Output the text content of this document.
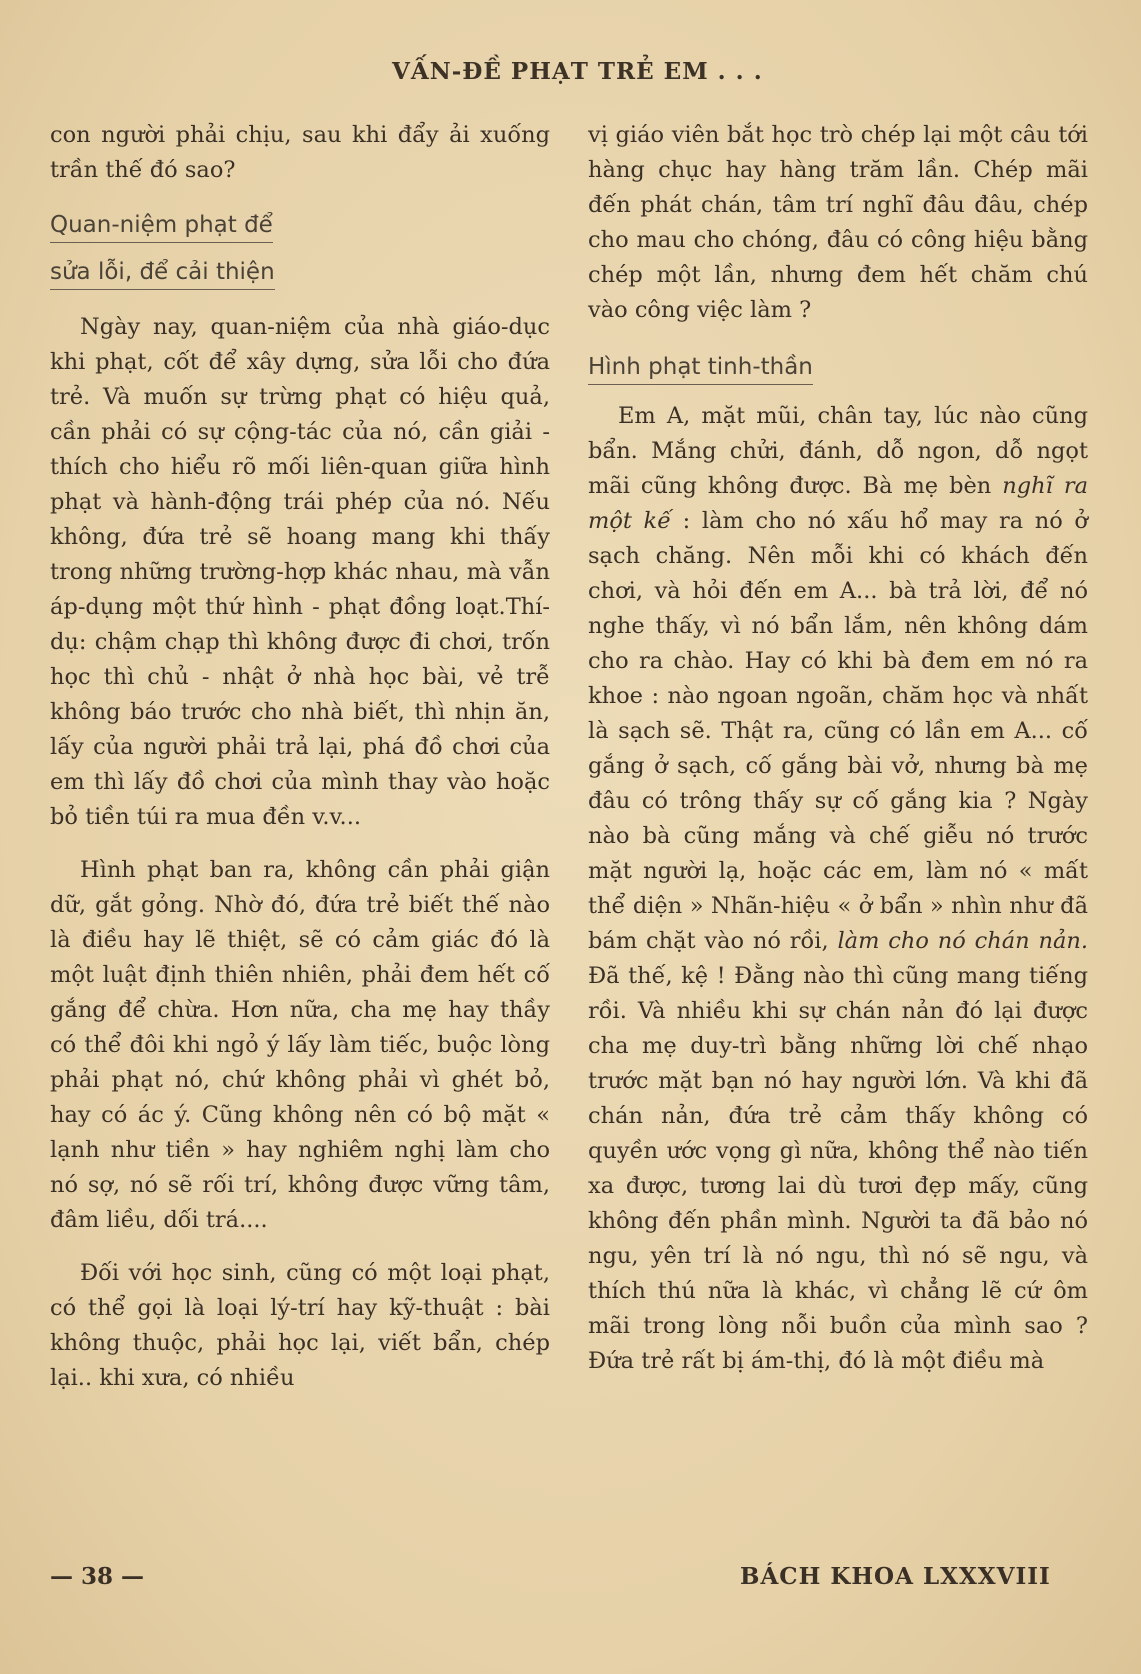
VẤN-ĐỀ PHẠT TRẺ EM . . .

con người phải chịu, sau khi đẩy ải xuống trần thế đó sao?

Quan-niệm phạt để
sửa lỗi, để cải thiện

Ngày nay, quan-niệm của nhà giáo-dục khi phạt, cốt để xây dựng, sửa lỗi cho đứa trẻ. Và muốn sự trừng phạt có hiệu quả, cần phải có sự cộng-tác của nó, cần giải - thích cho hiểu rõ mối liên-quan giữa hình phạt và hành-động trái phép của nó. Nếu không, đứa trẻ sẽ hoang mang khi thấy trong những trường-hợp khác nhau, mà vẫn áp-dụng một thứ hình - phạt đồng loạt.Thí-dụ: chậm chạp thì không được đi chơi, trốn học thì chủ - nhật ở nhà học bài, vẻ trễ không báo trước cho nhà biết, thì nhịn ăn, lấy của người phải trả lại, phá đồ chơi của em thì lấy đồ chơi của mình thay vào hoặc bỏ tiền túi ra mua đền v.v...

Hình phạt ban ra, không cần phải giận dữ, gắt gỏng. Nhờ đó, đứa trẻ biết thế nào là điều hay lẽ thiệt, sẽ có cảm giác đó là một luật định thiên nhiên, phải đem hết cố gắng để chừa. Hơn nữa, cha mẹ hay thầy có thể đôi khi ngỏ ý lấy làm tiếc, buộc lòng phải phạt nó, chứ không phải vì ghét bỏ, hay có ác ý. Cũng không nên có bộ mặt « lạnh như tiền » hay nghiêm nghị làm cho nó sợ, nó sẽ rối trí, không được vững tâm, đâm liều, dối trá....

Đối với học sinh, cũng có một loại phạt, có thể gọi là loại lý-trí hay kỹ-thuật : bài không thuộc, phải học lại, viết bẩn, chép lại.. khi xưa, có nhiều

vị giáo viên bắt học trò chép lại một câu tới hàng chục hay hàng trăm lần. Chép mãi đến phát chán, tâm trí nghĩ đâu đâu, chép cho mau cho chóng, đâu có công hiệu bằng chép một lần, nhưng đem hết chăm chú vào công việc làm ?

Hình phạt tinh-thần

Em A, mặt mũi, chân tay, lúc nào cũng bẩn. Mắng chửi, đánh, dỗ ngon, dỗ ngọt mãi cũng không được. Bà mẹ bèn nghĩ ra một kế : làm cho nó xấu hổ may ra nó ở sạch chăng. Nên mỗi khi có khách đến chơi, và hỏi đến em A... bà trả lời, để nó nghe thấy, vì nó bẩn lắm, nên không dám cho ra chào. Hay có khi bà đem em nó ra khoe : nào ngoan ngoãn, chăm học và nhất là sạch sẽ. Thật ra, cũng có lần em A... cố gắng ở sạch, cố gắng bài vở, nhưng bà mẹ đâu có trông thấy sự cố gắng kia ? Ngày nào bà cũng mắng và chế giễu nó trước mặt người lạ, hoặc các em, làm nó « mất thể diện » Nhãn-hiệu « ở bẩn » nhìn như đã bám chặt vào nó rồi, làm cho nó chán nản. Đã thế, kệ ! Đằng nào thì cũng mang tiếng rồi. Và nhiều khi sự chán nản đó lại được cha mẹ duy-trì bằng những lời chế nhạo trước mặt bạn nó hay người lớn. Và khi đã chán nản, đứa trẻ cảm thấy không có quyền ước vọng gì nữa, không thể nào tiến xa được, tương lai dù tươi đẹp mấy, cũng không đến phần mình. Người ta đã bảo nó ngu, yên trí là nó ngu, thì nó sẽ ngu, và thích thú nữa là khác, vì chẳng lẽ cứ ôm mãi trong lòng nỗi buồn của mình sao ? Đứa trẻ rất bị ám-thị, đó là một điều mà

— 38 —	BÁCH KHOA LXXXVIII
